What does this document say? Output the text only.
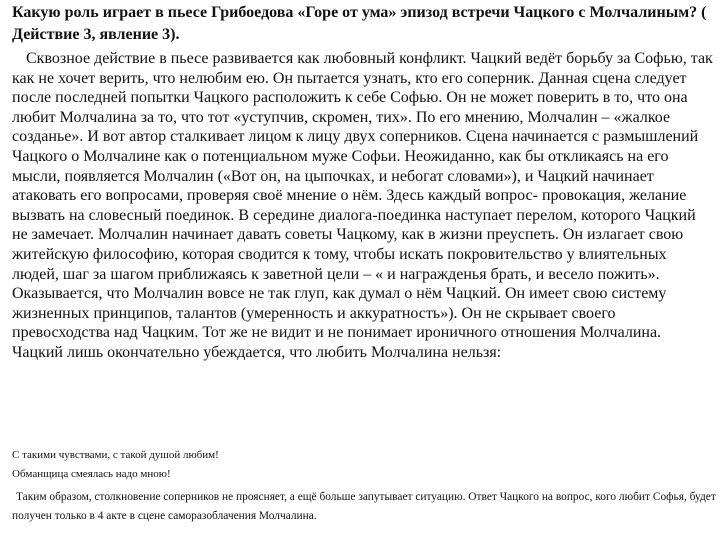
Какую роль играет в пьесе Грибоедова «Горе от ума» эпизод встречи Чацкого с Молчалиным? ( Действие 3, явление 3).

Сквозное действие в пьесе развивается как любовный конфликт. Чацкий ведёт борьбу за Софью, так как не хочет верить, что нелюбим ею. Он пытается узнать, кто его соперник. Данная сцена следует после последней попытки Чацкого расположить к себе Софью. Он не может поверить в то, что она любит Молчалина за то, что тот «уступчив, скромен, тих». По его мнению, Молчалин – «жалкое созданье». И вот автор сталкивает лицом к лицу двух соперников. Сцена начинается с размышлений Чацкого о Молчалине как о потенциальном муже Софьи. Неожиданно, как бы откликаясь на его мысли, появляется Молчалин («Вот он, на цыпочках, и небогат словами»), и Чацкий начинает атаковать его вопросами, проверяя своё мнение о нём. Здесь каждый вопрос- провокация, желание вызвать на словесный поединок. В середине диалога-поединка наступает перелом, которого Чацкий не замечает. Молчалин начинает давать советы Чацкому, как в жизни преуспеть. Он излагает свою житейскую философию, которая сводится к тому, чтобы искать покровительство у влиятельных людей, шаг за шагом приближаясь к заветной цели – « и награжденья брать, и весело пожить». Оказывается, что Молчалин вовсе не так глуп, как думал о нём Чацкий. Он имеет свою систему жизненных принципов, талантов (умеренность и аккуратность»). Он не скрывает своего превосходства над Чацким. Тот же не видит и не понимает ироничного отношения Молчалина. Чацкий лишь окончательно убеждается, что любить Молчалина нельзя:

С такими чувствами, с такой душой любим!

Обманщица смеялась надо мною!

Таким образом, столкновение соперников не проясняет, а ещё больше запутывает ситуацию. Ответ Чацкого на вопрос, кого любит Софья, будет получен только в 4 акте в сцене саморазоблачения Молчалина.
